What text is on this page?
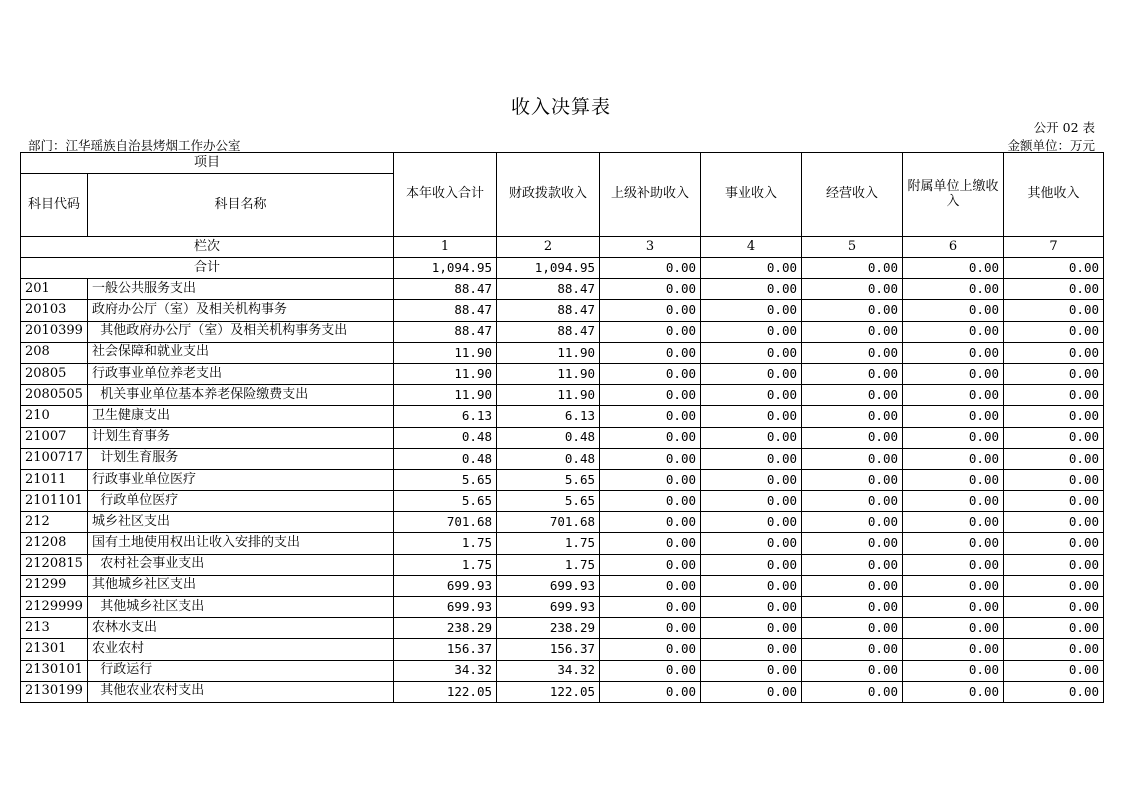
收入决算表
公开 02 表
部门：江华瑶族自治县烤烟工作办公室	金额单位：万元
项目		本年收入合计	财政拨款收入	上级补助收入	事业收入	经营收入	附属单位上缴收入	其他收入
科目代码	科目名称							
栏次		1	2	3	4	5	6	7
合计		1,094.95	1,094.95	0.00	0.00	0.00	0.00	0.00
201	一般公共服务支出	88.47	88.47	0.00	0.00	0.00	0.00	0.00
20103	政府办公厅（室）及相关机构事务	88.47	88.47	0.00	0.00	0.00	0.00	0.00
2010399	其他政府办公厅（室）及相关机构事务支出	88.47	88.47	0.00	0.00	0.00	0.00	0.00
208	社会保障和就业支出	11.90	11.90	0.00	0.00	0.00	0.00	0.00
20805	行政事业单位养老支出	11.90	11.90	0.00	0.00	0.00	0.00	0.00
2080505	机关事业单位基本养老保险缴费支出	11.90	11.90	0.00	0.00	0.00	0.00	0.00
210	卫生健康支出	6.13	6.13	0.00	0.00	0.00	0.00	0.00
21007	计划生育事务	0.48	0.48	0.00	0.00	0.00	0.00	0.00
2100717	计划生育服务	0.48	0.48	0.00	0.00	0.00	0.00	0.00
21011	行政事业单位医疗	5.65	5.65	0.00	0.00	0.00	0.00	0.00
2101101	行政单位医疗	5.65	5.65	0.00	0.00	0.00	0.00	0.00
212	城乡社区支出	701.68	701.68	0.00	0.00	0.00	0.00	0.00
21208	国有土地使用权出让收入安排的支出	1.75	1.75	0.00	0.00	0.00	0.00	0.00
2120815	农村社会事业支出	1.75	1.75	0.00	0.00	0.00	0.00	0.00
21299	其他城乡社区支出	699.93	699.93	0.00	0.00	0.00	0.00	0.00
2129999	其他城乡社区支出	699.93	699.93	0.00	0.00	0.00	0.00	0.00
213	农林水支出	238.29	238.29	0.00	0.00	0.00	0.00	0.00
21301	农业农村	156.37	156.37	0.00	0.00	0.00	0.00	0.00
2130101	行政运行	34.32	34.32	0.00	0.00	0.00	0.00	0.00
2130199	其他农业农村支出	122.05	122.05	0.00	0.00	0.00	0.00	0.00
